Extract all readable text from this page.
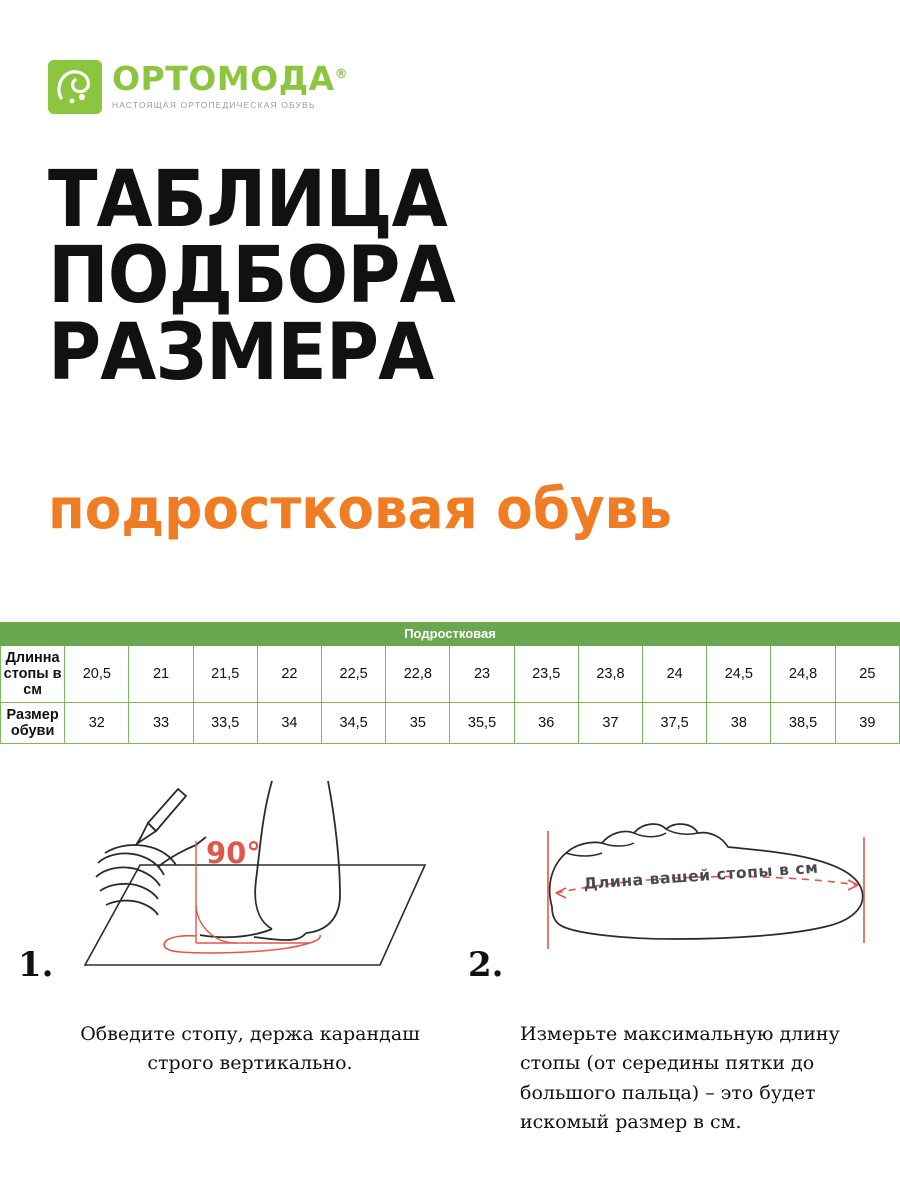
ОРТОМОДА®
НАСТОЯЩАЯ ОРТОПЕДИЧЕСКАЯ ОБУВЬ
ТАБЛИЦА
ПОДБОРА РАЗМЕРА
подростковая обувь
Подростковая													
Длинна стопы в см	20,5	21	21,5	22	22,5	22,8	23	23,5	23,8	24	24,5	24,8	25
Размер обуви	32	33	33,5	34	34,5	35	35,5	36	37	37,5	38	38,5	39
1.
90°
Обведите стопу, держа карандаш строго вертикально.
2.
Длина вашей стопы в см
Измерьте максимальную длину стопы (от середины пятки до большого пальца) – это будет искомый размер в см.
